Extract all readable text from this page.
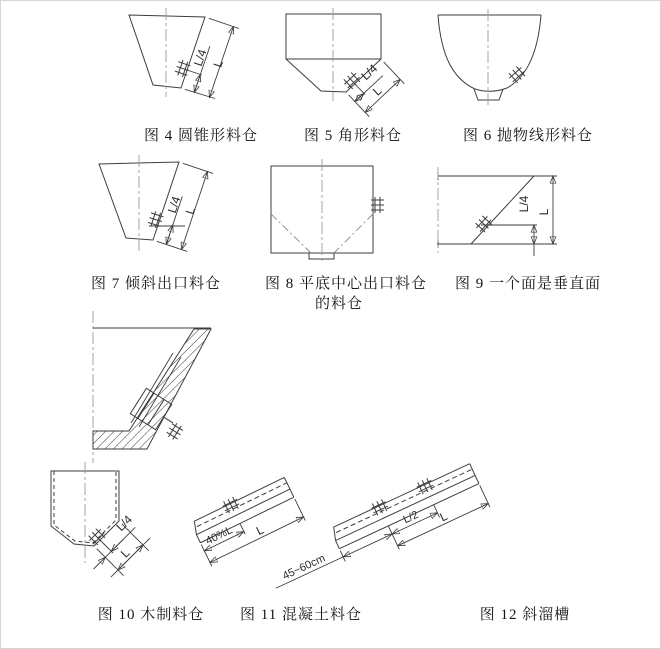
L/4 L	L/4
L
L/4 L	L/4 L
L/4
L
40%L L
45~60cm
L/2 L
图 4 圆锥形料仓	图 5 角形料仓	图 6 抛物线形料仓
图 7 倾斜出口料仓	图 8 平底中心出口料仓
的料仓
图 9 一个面是垂直面
图 10 木制料仓 图 11 混凝土料仓	图 12 斜溜槽
